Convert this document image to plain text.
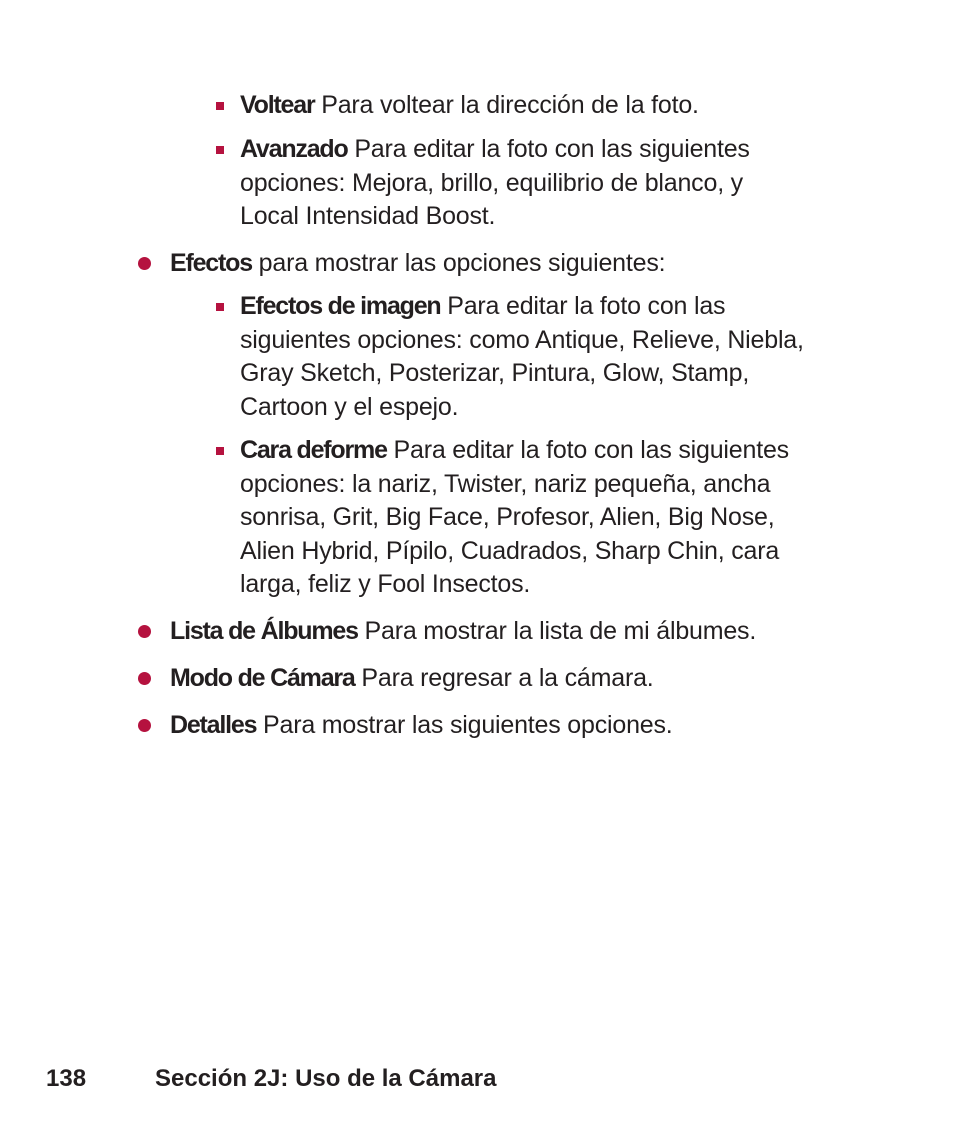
Voltear Para voltear la dirección de la foto.
Avanzado Para editar la foto con las siguientes
opciones: Mejora, brillo, equilibrio de blanco, y
Local Intensidad Boost.
Efectos para mostrar las opciones siguientes:
Efectos de imagen Para editar la foto con las
siguientes opciones: como Antique, Relieve, Niebla,
Gray Sketch, Posterizar, Pintura, Glow, Stamp,
Cartoon y el espejo.
Cara deforme Para editar la foto con las siguientes
opciones: la nariz, Twister, nariz pequeña, ancha
sonrisa, Grit, Big Face, Profesor, Alien, Big Nose,
Alien Hybrid, Pípilo, Cuadrados, Sharp Chin, cara
larga, feliz y Fool Insectos.
Lista de Álbumes Para mostrar la lista de mi álbumes.
Modo de Cámara Para regresar a la cámara.
Detalles Para mostrar las siguientes opciones.
138	Sección 2J: Uso de la Cámara
